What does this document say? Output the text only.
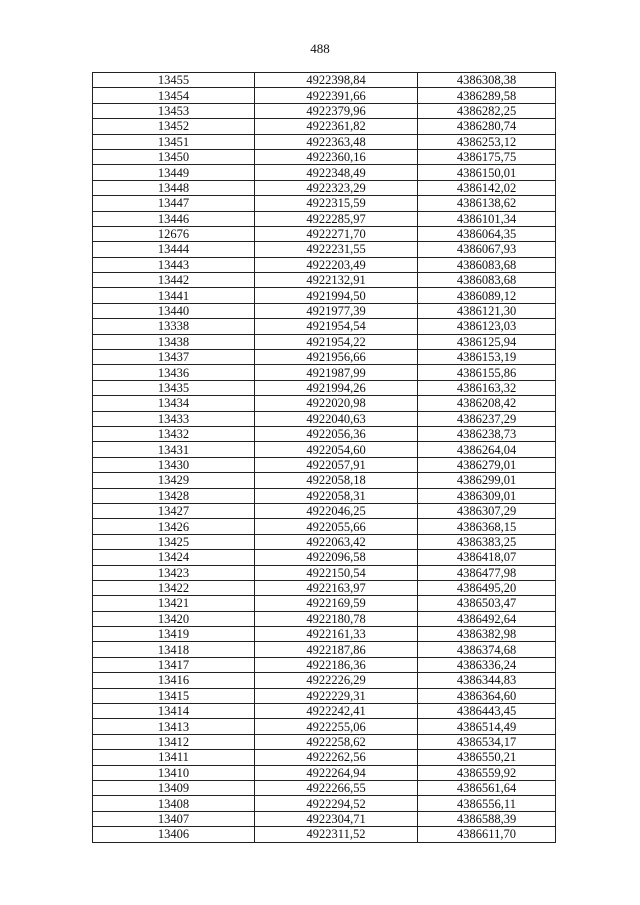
488
13455	4922398,84	4386308,38
13454	4922391,66	4386289,58
13453	4922379,96	4386282,25
13452	4922361,82	4386280,74
13451	4922363,48	4386253,12
13450	4922360,16	4386175,75
13449	4922348,49	4386150,01
13448	4922323,29	4386142,02
13447	4922315,59	4386138,62
13446	4922285,97	4386101,34
12676	4922271,70	4386064,35
13444	4922231,55	4386067,93
13443	4922203,49	4386083,68
13442	4922132,91	4386083,68
13441	4921994,50	4386089,12
13440	4921977,39	4386121,30
13338	4921954,54	4386123,03
13438	4921954,22	4386125,94
13437	4921956,66	4386153,19
13436	4921987,99	4386155,86
13435	4921994,26	4386163,32
13434	4922020,98	4386208,42
13433	4922040,63	4386237,29
13432	4922056,36	4386238,73
13431	4922054,60	4386264,04
13430	4922057,91	4386279,01
13429	4922058,18	4386299,01
13428	4922058,31	4386309,01
13427	4922046,25	4386307,29
13426	4922055,66	4386368,15
13425	4922063,42	4386383,25
13424	4922096,58	4386418,07
13423	4922150,54	4386477,98
13422	4922163,97	4386495,20
13421	4922169,59	4386503,47
13420	4922180,78	4386492,64
13419	4922161,33	4386382,98
13418	4922187,86	4386374,68
13417	4922186,36	4386336,24
13416	4922226,29	4386344,83
13415	4922229,31	4386364,60
13414	4922242,41	4386443,45
13413	4922255,06	4386514,49
13412	4922258,62	4386534,17
13411	4922262,56	4386550,21
13410	4922264,94	4386559,92
13409	4922266,55	4386561,64
13408	4922294,52	4386556,11
13407	4922304,71	4386588,39
13406	4922311,52	4386611,70
